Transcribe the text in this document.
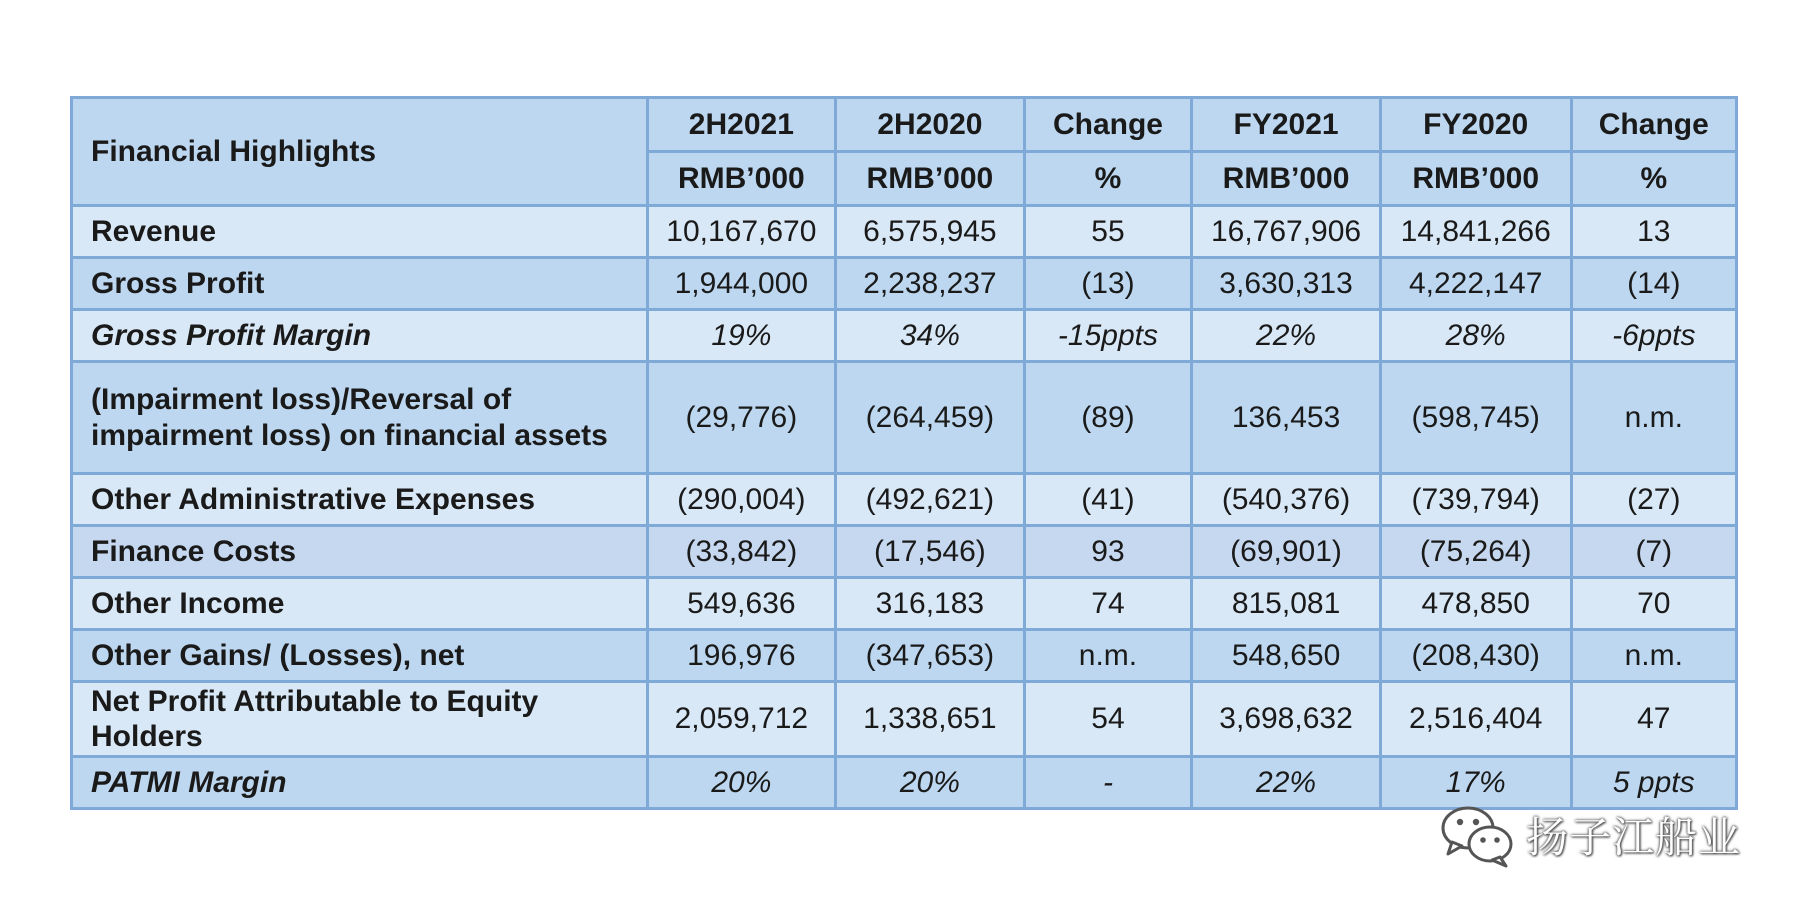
Financial Highlights	2H2021	2H2020	Change	FY2021	FY2020	Change
	RMB’000	RMB’000	%	RMB’000	RMB’000	%
Revenue	10,167,670	6,575,945	55	16,767,906	14,841,266	13
Gross Profit	1,944,000	2,238,237	(13)	3,630,313	4,222,147	(14)
Gross Profit Margin	19%	34%	-15ppts	22%	28%	-6ppts
(Impairment loss)/Reversal of impairment loss) on financial assets	(29,776)	(264,459)	(89)	136,453	(598,745)	n.m.
Other Administrative Expenses	(290,004)	(492,621)	(41)	(540,376)	(739,794)	(27)
Finance Costs	(33,842)	(17,546)	93	(69,901)	(75,264)	(7)
Other Income	549,636	316,183	74	815,081	478,850	70
Other Gains/ (Losses), net	196,976	(347,653)	n.m.	548,650	(208,430)	n.m.
Net Profit Attributable to Equity Holders	2,059,712	1,338,651	54	3,698,632	2,516,404	47
PATMI Margin	20%	20%	-	22%	17%	5 ppts
扬子江船业
